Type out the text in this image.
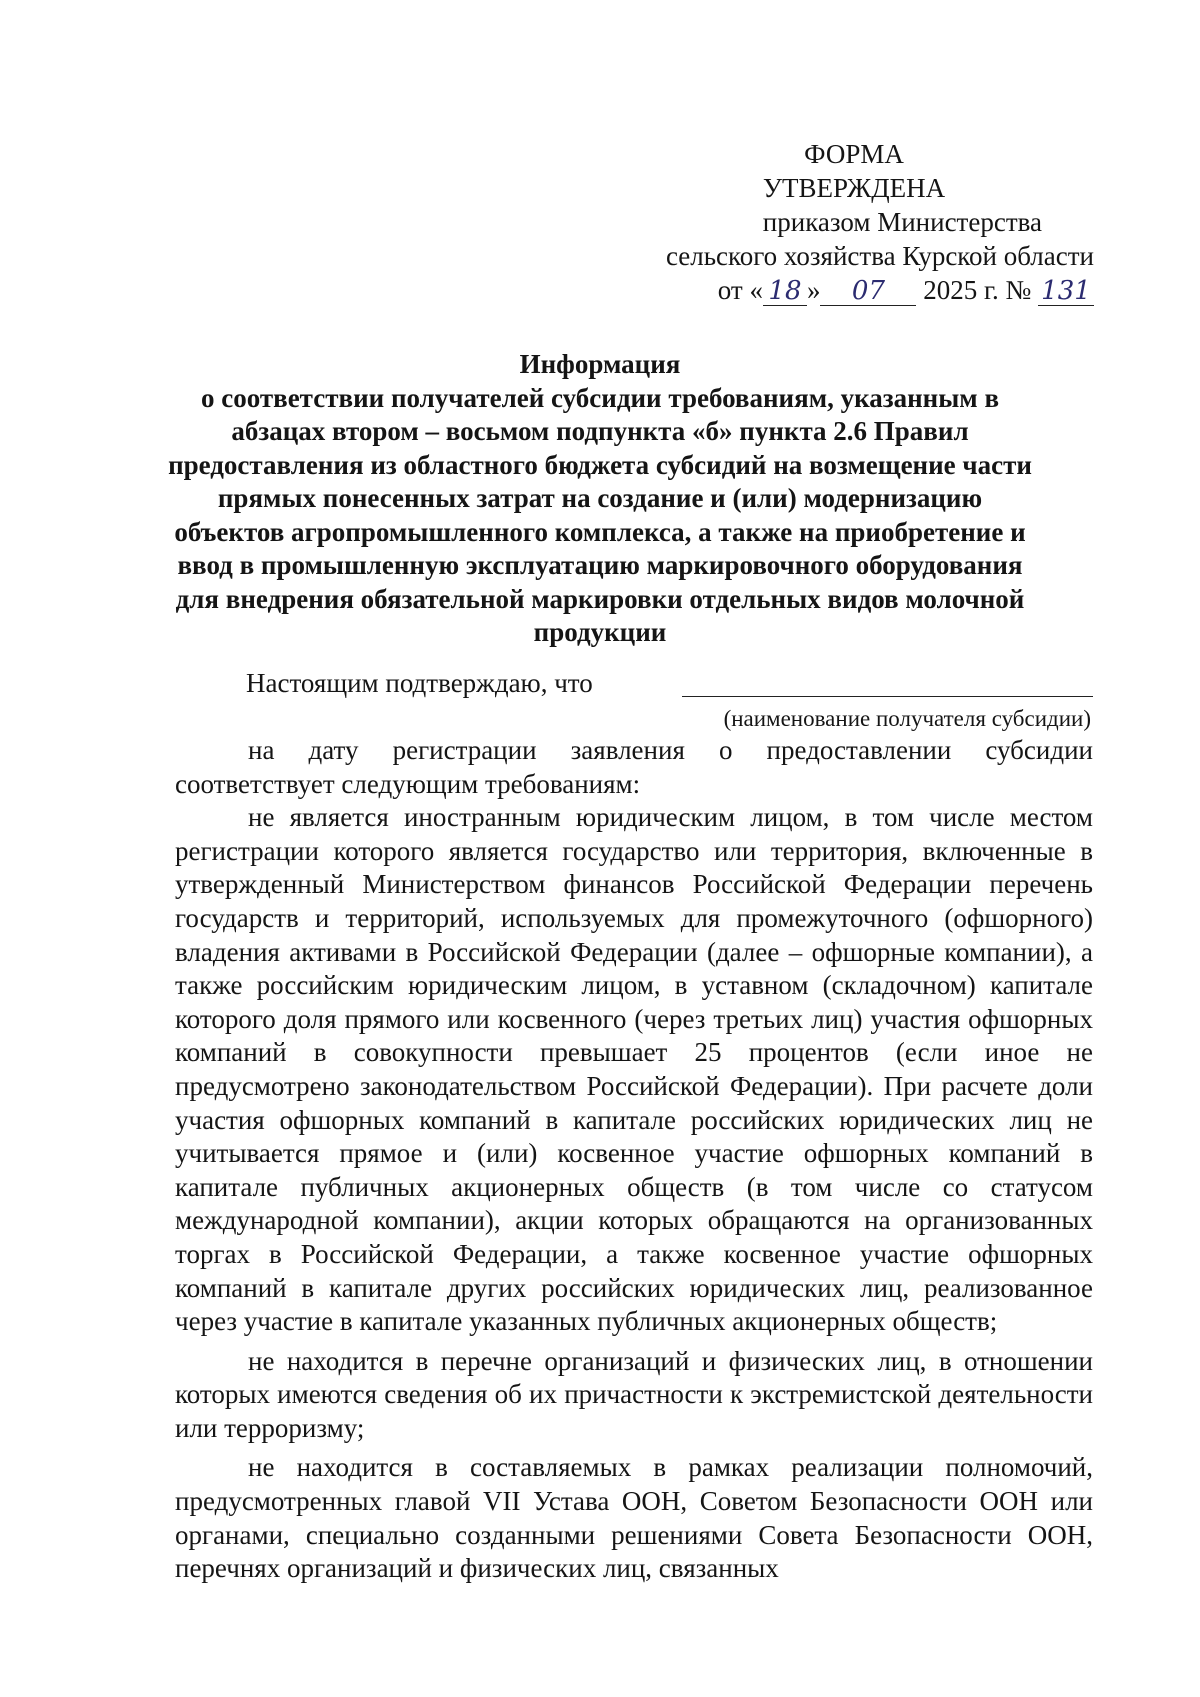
ФОРМА
УТВЕРЖДЕНА
приказом Министерства
сельского хозяйства Курской области
от « 18 » 07 2025 г. № 131
Информация
о соответствии получателей субсидии требованиям, указанным в абзацах втором – восьмом подпункта «б» пункта 2.6 Правил предоставления из областного бюджета субсидий на возмещение части прямых понесенных затрат на создание и (или) модернизацию объектов агропромышленного комплекса, а также на приобретение и ввод в промышленную эксплуатацию маркировочного оборудования для внедрения обязательной маркировки отдельных видов молочной продукции
Настоящим подтверждаю, что
(наименование получателя субсидии)

на дату регистрации заявления о предоставлении субсидии соответствует следующим требованиям:

не является иностранным юридическим лицом, в том числе местом регистрации которого является государство или территория, включенные в утвержденный Министерством финансов Российской Федерации перечень государств и территорий, используемых для промежуточного (офшорного) владения активами в Российской Федерации (далее – офшорные компании), а также российским юридическим лицом, в уставном (складочном) капитале которого доля прямого или косвенного (через третьих лиц) участия офшорных компаний в совокупности превышает 25 процентов (если иное не предусмотрено законодательством Российской Федерации). При расчете доли участия офшорных компаний в капитале российских юридических лиц не учитывается прямое и (или) косвенное участие офшорных компаний в капитале публичных акционерных обществ (в том числе со статусом международной компании), акции которых обращаются на организованных торгах в Российской Федерации, а также косвенное участие офшорных компаний в капитале других российских юридических лиц, реализованное через участие в капитале указанных публичных акционерных обществ;

не находится в перечне организаций и физических лиц, в отношении которых имеются сведения об их причастности к экстремистской деятельности или терроризму;

не находится в составляемых в рамках реализации полномочий, предусмотренных главой VII Устава ООН, Советом Безопасности ООН или органами, специально созданными решениями Совета Безопасности ООН, перечнях организаций и физических лиц, связанных
